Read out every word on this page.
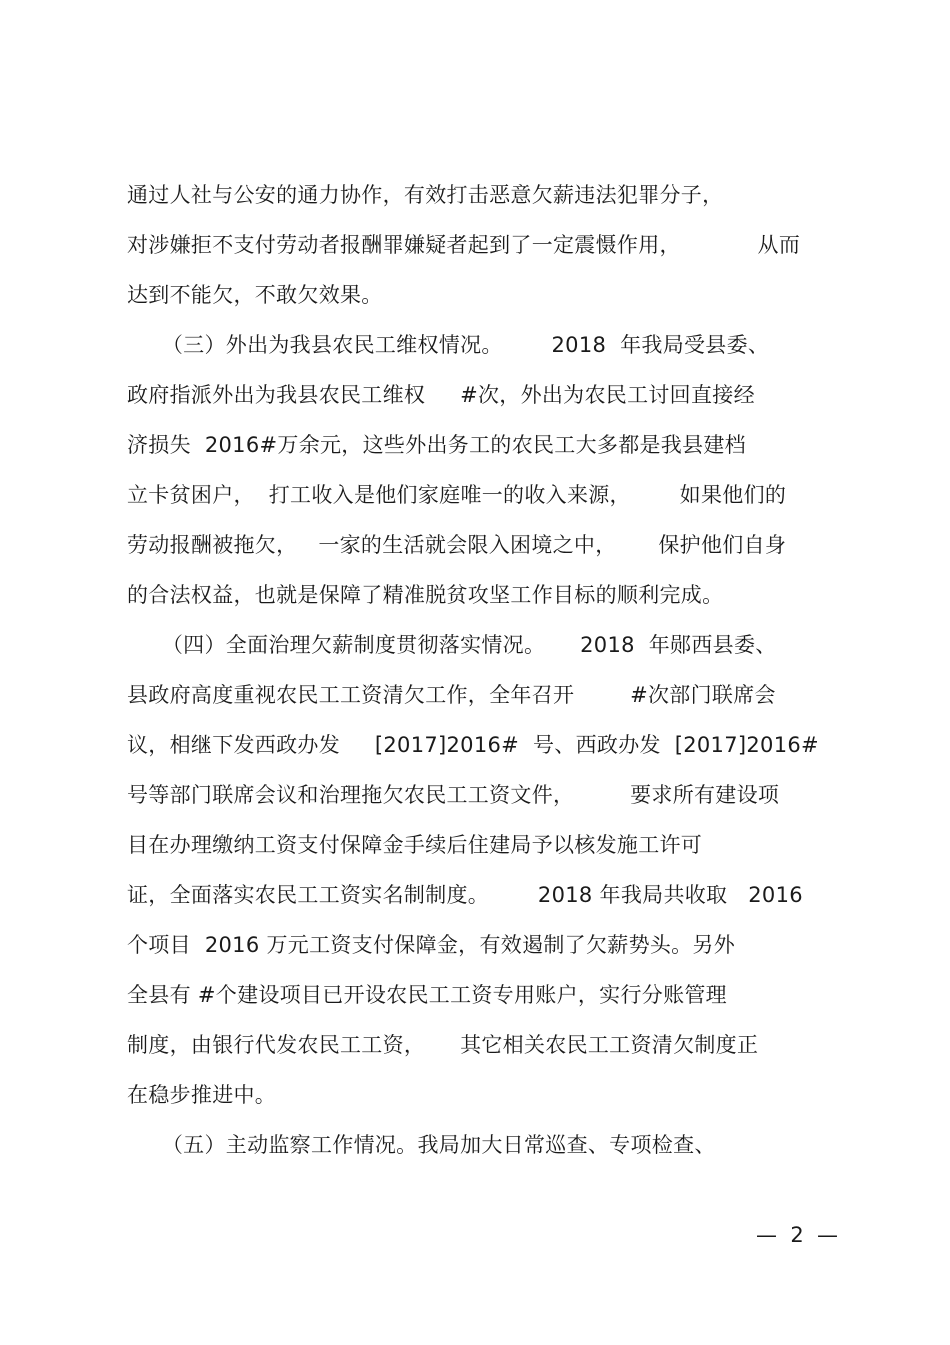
通过人社与公安的通力协作，有效打击恶意欠薪违法犯罪分子，
对涉嫌拒不支付劳动者报酬罪嫌疑者起到了一定震慑作用，           从而
达到不能欠，不敢欠效果。
（三）外出为我县农民工维权情况。       2018  年我局受县委、
政府指派外出为我县农民工维权     #次，外出为农民工讨回直接经
济损失  2016#万余元，这些外出务工的农民工大多都是我县建档
立卡贫困户，  打工收入是他们家庭唯一的收入来源，       如果他们的
劳动报酬被拖欠，   一家的生活就会限入困境之中，      保护他们自身
的合法权益，也就是保障了精准脱贫攻坚工作目标的顺利完成。
（四）全面治理欠薪制度贯彻落实情况。     2018  年郧西县委、
县政府高度重视农民工工资清欠工作，全年召开        #次部门联席会
议，相继下发西政办发     [2017]2016#  号、西政办发  [2017]2016#
号等部门联席会议和治理拖欠农民工工资文件，        要求所有建设项
目在办理缴纳工资支付保障金手续后住建局予以核发施工许可
证，全面落实农民工工资实名制制度。       2018 年我局共收取   2016
个项目  2016 万元工资支付保障金，有效遏制了欠薪势头。另外
全县有 #个建设项目已开设农民工工资专用账户，实行分账管理
制度，由银行代发农民工工资，     其它相关农民工工资清欠制度正
在稳步推进中。
（五）主动监察工作情况。我局加大日常巡查、专项检查、
—  2  —
